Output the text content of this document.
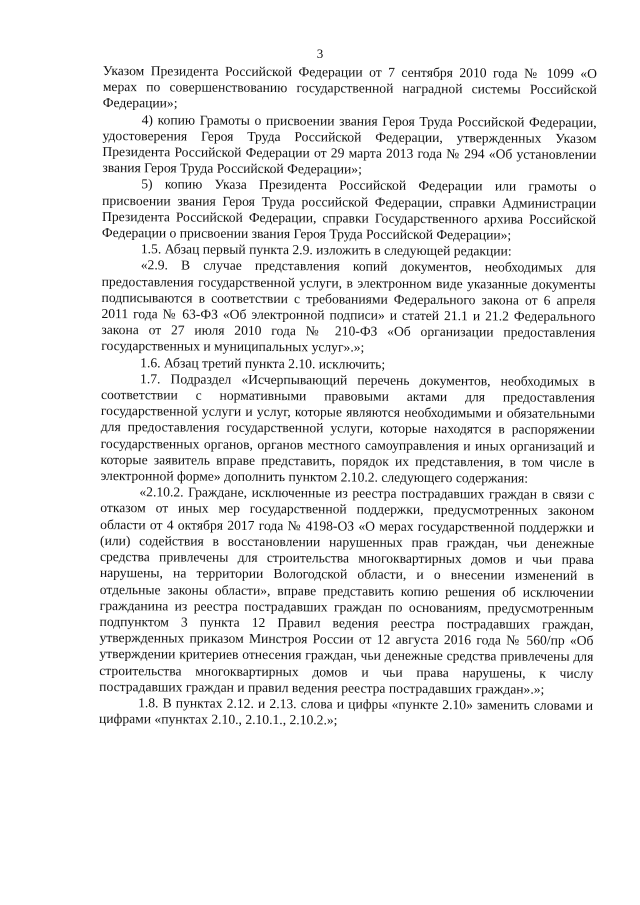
3

Указом Президента Российской Федерации от 7 сентября 2010 года № 1099 «О мерах по совершенствованию государственной наградной системы Российской Федерации»;

4) копию Грамоты о присвоении звания Героя Труда Российской Федерации, удостоверения Героя Труда Российской Федерации, утвержденных Указом Президента Российской Федерации от 29 марта 2013 года № 294 «Об установлении звания Героя Труда Российской Федерации»;

5) копию Указа Президента Российской Федерации или грамоты о присвоении звания Героя Труда российской Федерации, справки Администрации Президента Российской Федерации, справки Государственного архива Российской Федерации о присвоении звания Героя Труда Российской Федерации»;

1.5. Абзац первый пункта 2.9. изложить в следующей редакции:

«2.9. В случае представления копий документов, необходимых для предоставления государственной услуги, в электронном виде указанные документы подписываются в соответствии с требованиями Федерального закона от 6 апреля 2011 года № 63-ФЗ «Об электронной подписи» и статей 21.1 и 21.2 Федерального закона от 27 июля 2010 года № 210-ФЗ «Об организации предоставления государственных и муниципальных услуг».»;

1.6. Абзац третий пункта 2.10. исключить;

1.7. Подраздел «Исчерпывающий перечень документов, необходимых в соответствии с нормативными правовыми актами для предоставления государственной услуги и услуг, которые являются необходимыми и обязательными для предоставления государственной услуги, которые находятся в распоряжении государственных органов, органов местного самоуправления и иных организаций и которые заявитель вправе представить, порядок их представления, в том числе в электронной форме» дополнить пунктом 2.10.2. следующего содержания:

«2.10.2. Граждане, исключенные из реестра пострадавших граждан в связи с отказом от иных мер государственной поддержки, предусмотренных законом области от 4 октября 2017 года № 4198-ОЗ «О мерах государственной поддержки и (или) содействия в восстановлении нарушенных прав граждан, чьи денежные средства привлечены для строительства многоквартирных домов и чьи права нарушены, на территории Вологодской области, и о внесении изменений в отдельные законы области», вправе представить копию решения об исключении гражданина из реестра пострадавших граждан по основаниям, предусмотренным подпунктом 3 пункта 12 Правил ведения реестра пострадавших граждан, утвержденных приказом Минстроя России от 12 августа 2016 года № 560/пр «Об утверждении критериев отнесения граждан, чьи денежные средства привлечены для строительства многоквартирных домов и чьи права нарушены, к числу пострадавших граждан и правил ведения реестра пострадавших граждан».»;

1.8. В пунктах 2.12. и 2.13. слова и цифры «пункте 2.10» заменить словами и цифрами «пунктах 2.10., 2.10.1., 2.10.2.»;
